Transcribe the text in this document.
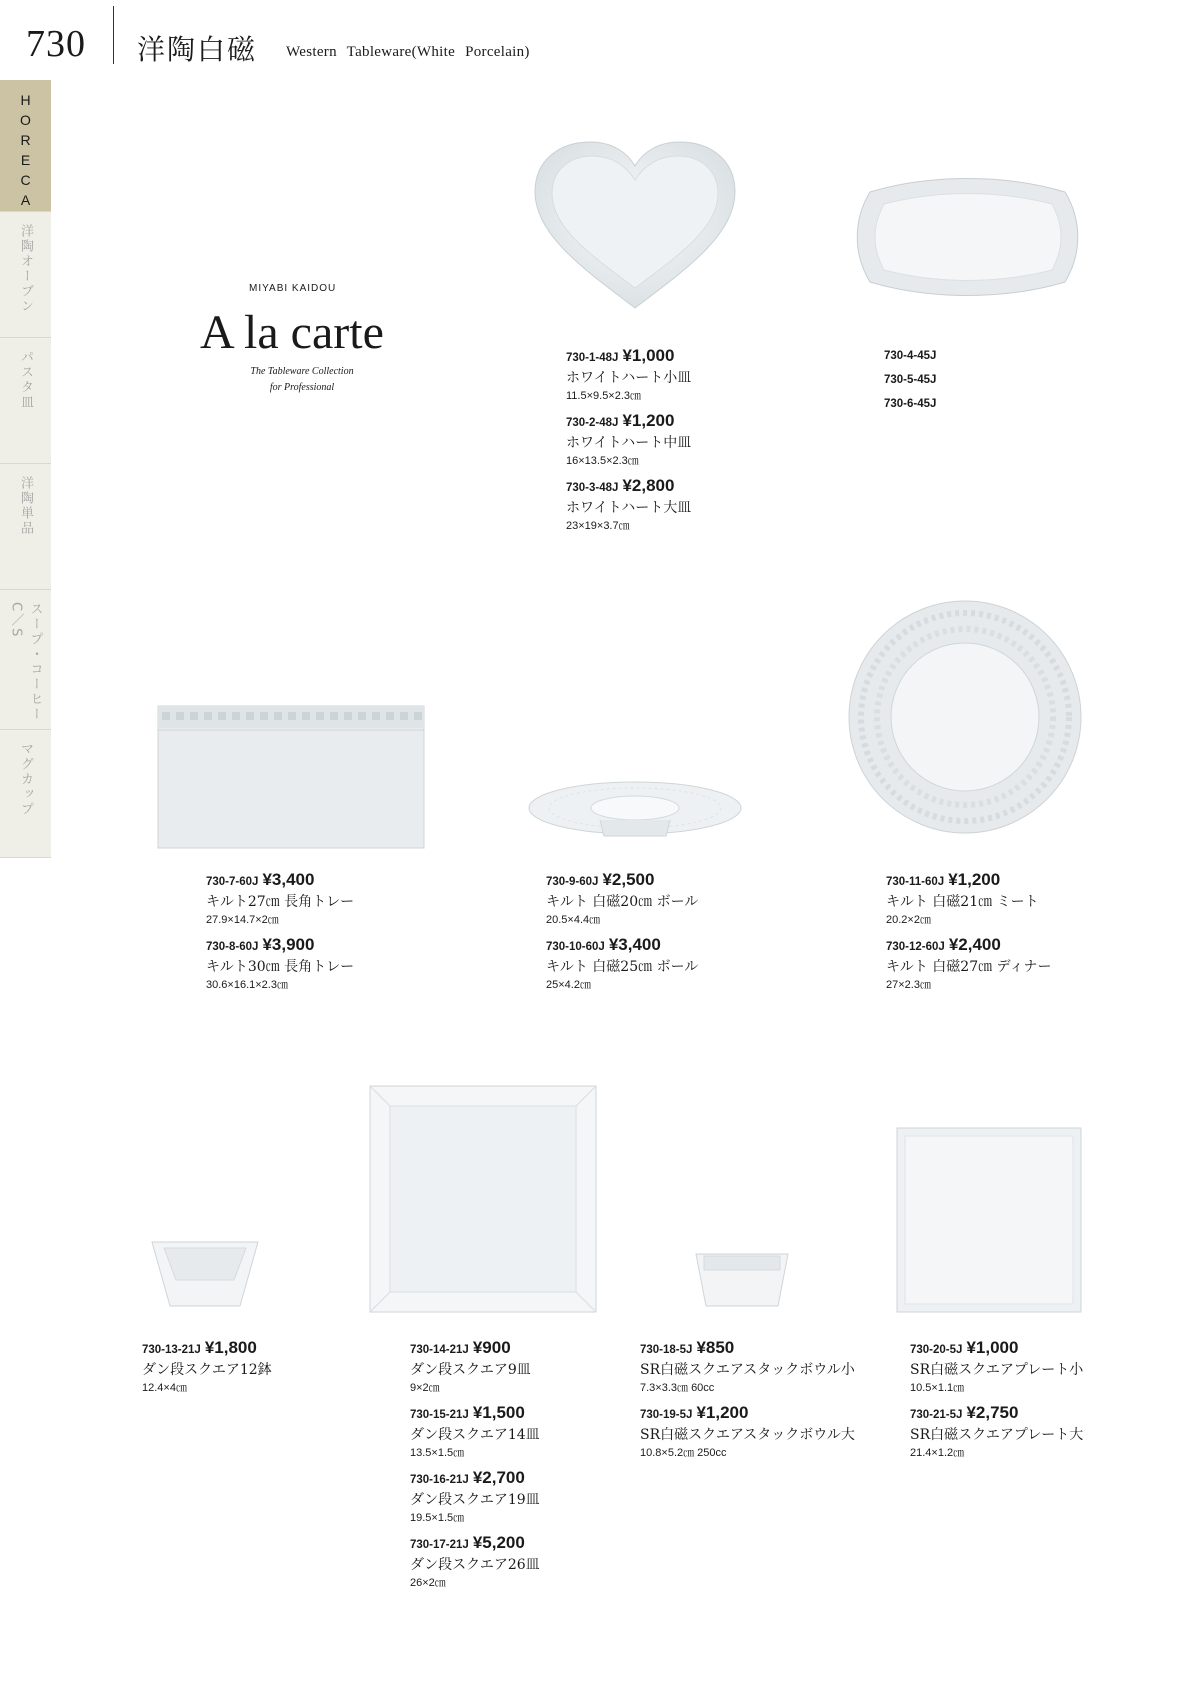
730 洋陶白磁 Western Tableware(White Porcelain)
HORECA
洋陶オーブン
パスタ皿
洋陶単品
スープ・コーヒーC／S
マグカップ
MIYABI KAIDOU
A la carte
The Tableware Collection
for Professional
730-1-48J ¥1,000
ホワイトハート小皿
11.5×9.5×2.3㎝
730-2-48J ¥1,200
ホワイトハート中皿
16×13.5×2.3㎝
730-3-48J ¥2,800
ホワイトハート大皿
23×19×3.7㎝
730-4-45J
730-5-45J
730-6-45J
730-7-60J ¥3,400
キルト27㎝ 長角トレー
27.9×14.7×2㎝
730-8-60J ¥3,900
キルト30㎝ 長角トレー
30.6×16.1×2.3㎝
730-9-60J ¥2,500
キルト 白磁20㎝ ボール
20.5×4.4㎝
730-10-60J ¥3,400
キルト 白磁25㎝ ボール
25×4.2㎝
730-11-60J ¥1,200
キルト 白磁21㎝ ミート
20.2×2㎝
730-12-60J ¥2,400
キルト 白磁27㎝ ディナー
27×2.3㎝
730-13-21J ¥1,800
ダン段スクエア12鉢
12.4×4㎝
730-14-21J ¥900
ダン段スクエア9皿
9×2㎝
730-15-21J ¥1,500
ダン段スクエア14皿
13.5×1.5㎝
730-16-21J ¥2,700
ダン段スクエア19皿
19.5×1.5㎝
730-17-21J ¥5,200
ダン段スクエア26皿
26×2㎝
730-18-5J ¥850
SR白磁スクエアスタックボウル小
7.3×3.3㎝ 60cc
730-19-5J ¥1,200
SR白磁スクエアスタックボウル大
10.8×5.2㎝ 250cc
730-20-5J ¥1,000
SR白磁スクエアプレート小
10.5×1.1㎝
730-21-5J ¥2,750
SR白磁スクエアプレート大
21.4×1.2㎝
